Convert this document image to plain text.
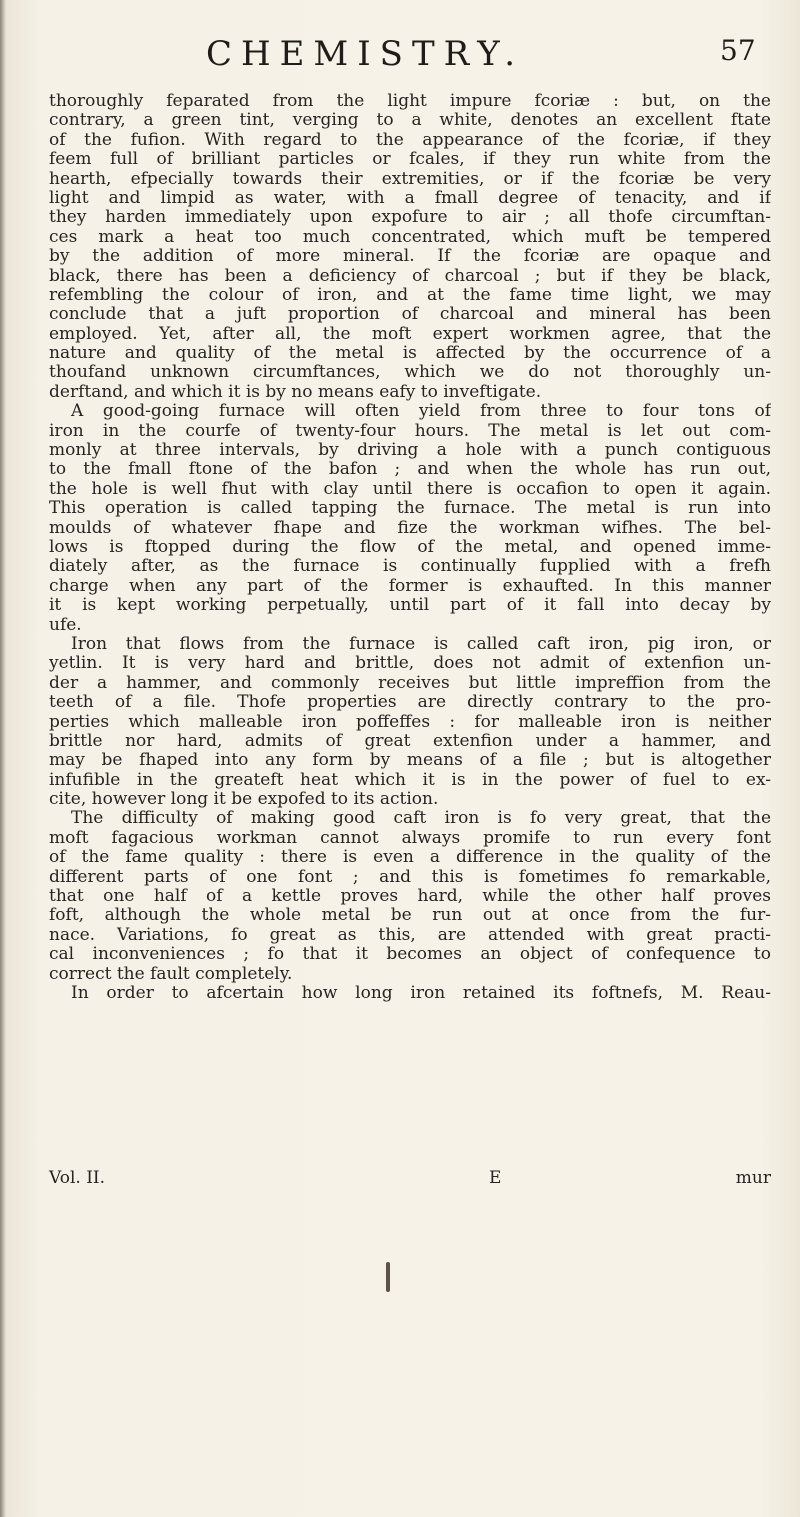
CHEMISTRY.	57
thoroughly feparated from the light impure fcoriæ : but, on the
contrary, a green tint, verging to a white, denotes an excellent ftate
of the fufion. With regard to the appearance of the fcoriæ, if they
feem full of brilliant particles or fcales, if they run white from the
hearth, efpecially towards their extremities, or if the fcoriæ be very
light and limpid as water, with a fmall degree of tenacity, and if
they harden immediately upon expofure to air ; all thofe circumftan-
ces mark a heat too much concentrated, which muft be tempered
by the addition of more mineral. If the fcoriæ are opaque and
black, there has been a deficiency of charcoal ; but if they be black,
refembling the colour of iron, and at the fame time light, we may
conclude that a juft proportion of charcoal and mineral has been
employed. Yet, after all, the moft expert workmen agree, that the
nature and quality of the metal is affected by the occurrence of a
thoufand unknown circumftances, which we do not thoroughly un-
derftand, and which it is by no means eafy to inveftigate.
A good-going furnace will often yield from three to four tons of
iron in the courfe of twenty-four hours. The metal is let out com-
monly at three intervals, by driving a hole with a punch contiguous
to the fmall ftone of the bafon ; and when the whole has run out,
the hole is well fhut with clay until there is occafion to open it again.
This operation is called tapping the furnace. The metal is run into
moulds of whatever fhape and fize the workman wifhes. The bel-
lows is ftopped during the flow of the metal, and opened imme-
diately after, as the furnace is continually fupplied with a frefh
charge when any part of the former is exhaufted. In this manner
it is kept working perpetually, until part of it fall into decay by
ufe.
Iron that flows from the furnace is called caft iron, pig iron, or
yetlin. It is very hard and brittle, does not admit of extenfion un-
der a hammer, and commonly receives but little impreffion from the
teeth of a file. Thofe properties are directly contrary to the pro-
perties which malleable iron poffeffes : for malleable iron is neither
brittle nor hard, admits of great extenfion under a hammer, and
may be fhaped into any form by means of a file ; but is altogether
infufible in the greateft heat which it is in the power of fuel to ex-
cite, however long it be expofed to its action.
The difficulty of making good caft iron is fo very great, that the
moft fagacious workman cannot always promife to run every font
of the fame quality : there is even a difference in the quality of the
different parts of one font ; and this is fometimes fo remarkable,
that one half of a kettle proves hard, while the other half proves
foft, although the whole metal be run out at once from the fur-
nace. Variations, fo great as this, are attended with great practi-
cal inconveniences ; fo that it becomes an object of confequence to
correct the fault completely.
In order to afcertain how long iron retained its foftnefs, M. Reau-
Vol. II.	E	mur
